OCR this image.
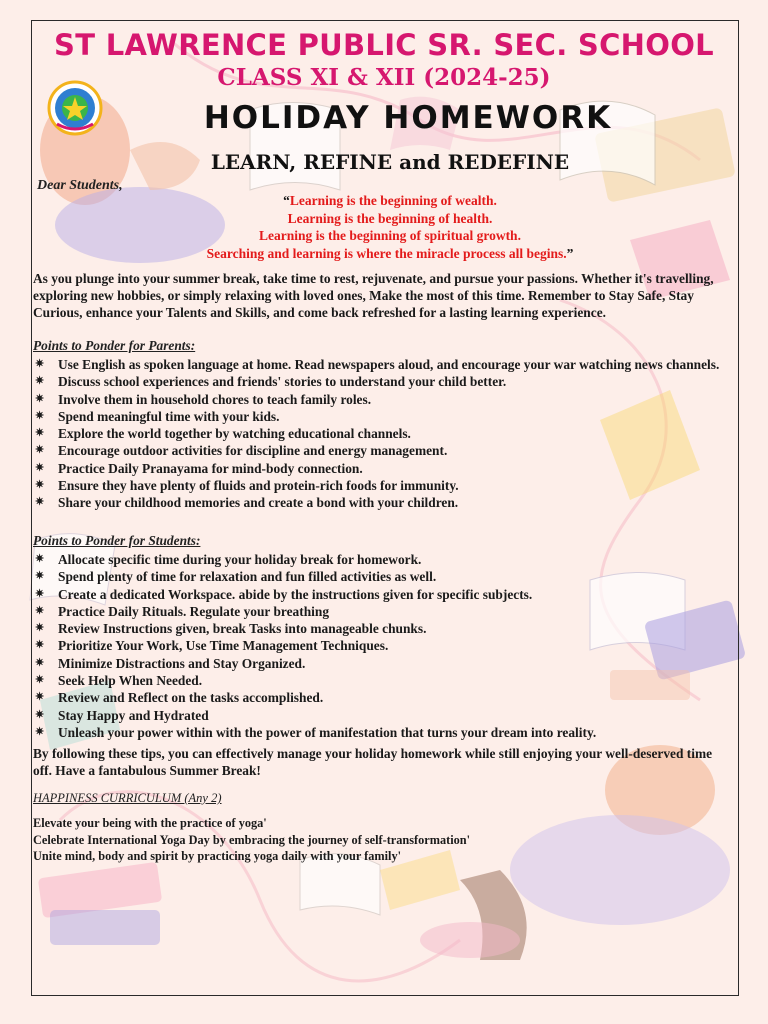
ST LAWRENCE PUBLIC SR. SEC. SCHOOL
CLASS XI & XII (2024-25)
HOLIDAY HOMEWORK
LEARN, REFINE and REDEFINE
Dear Students,
“Learning is the beginning of wealth.
Learning is the beginning of health.
Learning is the beginning of spiritual growth.
Searching and learning is where the miracle process all begins.”
As you plunge into your summer break, take time to rest, rejuvenate, and pursue your passions. Whether it's travelling, exploring new hobbies, or simply relaxing with loved ones, Make the most of this time. Remember to Stay Safe, Stay Curious, enhance your Talents and Skills, and come back refreshed for a lasting learning experience.
Points to Ponder for Parents:
✷ Use English as spoken language at home. Read newspapers aloud, and encourage your war watching news channels.
✷ Discuss school experiences and friends' stories to understand your child better.
✷ Involve them in household chores to teach family roles.
✷ Spend meaningful time with your kids.
✷ Explore the world together by watching educational channels.
✷ Encourage outdoor activities for discipline and energy management.
✷ Practice Daily Pranayama for mind-body connection.
✷ Ensure they have plenty of fluids and protein-rich foods for immunity.
✷ Share your childhood memories and create a bond with your children.
Points to Ponder for Students:
✷ Allocate specific time during your holiday break for homework.
✷ Spend plenty of time for relaxation and fun filled activities as well.
✷ Create a dedicated Workspace. abide by the instructions given for specific subjects.
✷ Practice Daily Rituals. Regulate your breathing
✷ Review Instructions given, break Tasks into manageable chunks.
✷ Prioritize Your Work, Use Time Management Techniques.
✷ Minimize Distractions and Stay Organized.
✷ Seek Help When Needed.
✷ Review and Reflect on the tasks accomplished.
✷ Stay Happy and Hydrated
✷ Unleash your power within with the power of manifestation that turns your dream into reality.
By following these tips, you can effectively manage your holiday homework while still enjoying your well-deserved time off. Have a fantabulous Summer Break!
HAPPINESS CURRICULUM (Any 2)
Elevate your being with the practice of yoga'
Celebrate International Yoga Day by embracing the journey of self-transformation'
Unite mind, body and spirit by practicing yoga daily with your family'
